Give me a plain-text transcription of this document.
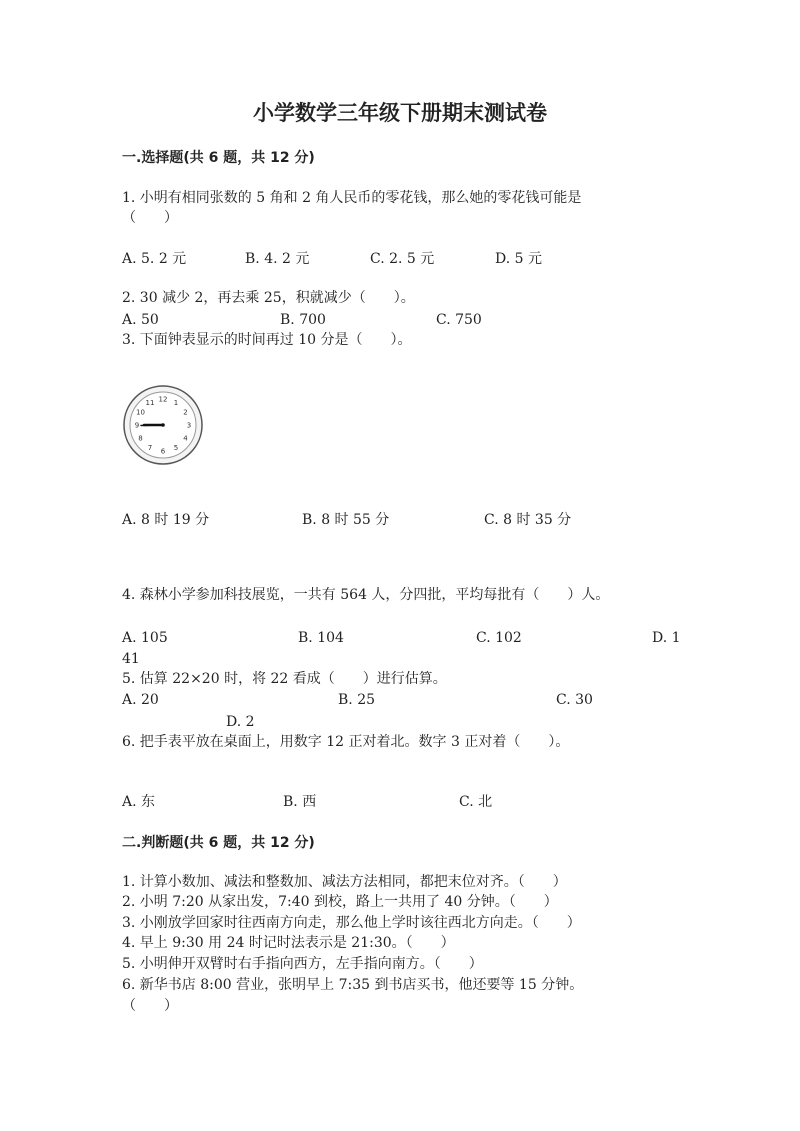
小学数学三年级下册期末测试卷
一.选择题(共 6 题，共 12 分)
1. 小明有相同张数的 5 角和 2 角人民币的零花钱，那么她的零花钱可能是
（　　）
A. 5. 2 元	B. 4. 2 元	C. 2. 5 元	D. 5 元
2. 30 减少 2，再去乘 25，积就减少（　　）。
A. 50	B. 700	C. 750
3. 下面钟表显示的时间再过 10 分是（　　）。
12 1
2
3
4
5
6
7
8
9
10
11
A. 8 时 19 分	B. 8 时 55 分	C. 8 时 35 分
4. 森林小学参加科技展览，一共有 564 人，分四批，平均每批有（　　）人。
A. 105	B. 104	C. 102	D. 1
41
5. 估算 22×20 时，将 22 看成（　　）进行估算。
A. 20	B. 25	C. 30
D. 2
6. 把手表平放在桌面上，用数字 12 正对着北。数字 3 正对着（　　）。
A. 东	B. 西	C. 北
二.判断题(共 6 题，共 12 分)
1. 计算小数加、减法和整数加、减法方法相同，都把末位对齐。（　　）
2. 小明 7:20 从家出发，7:40 到校，路上一共用了 40 分钟。（　　）
3. 小刚放学回家时往西南方向走，那么他上学时该往西北方向走。（　　）
4. 早上 9:30 用 24 时记时法表示是 21:30。（　　）
5. 小明伸开双臂时右手指向西方，左手指向南方。（　　）
6. 新华书店 8:00 营业，张明早上 7:35 到书店买书，他还要等 15 分钟。
（　　）
